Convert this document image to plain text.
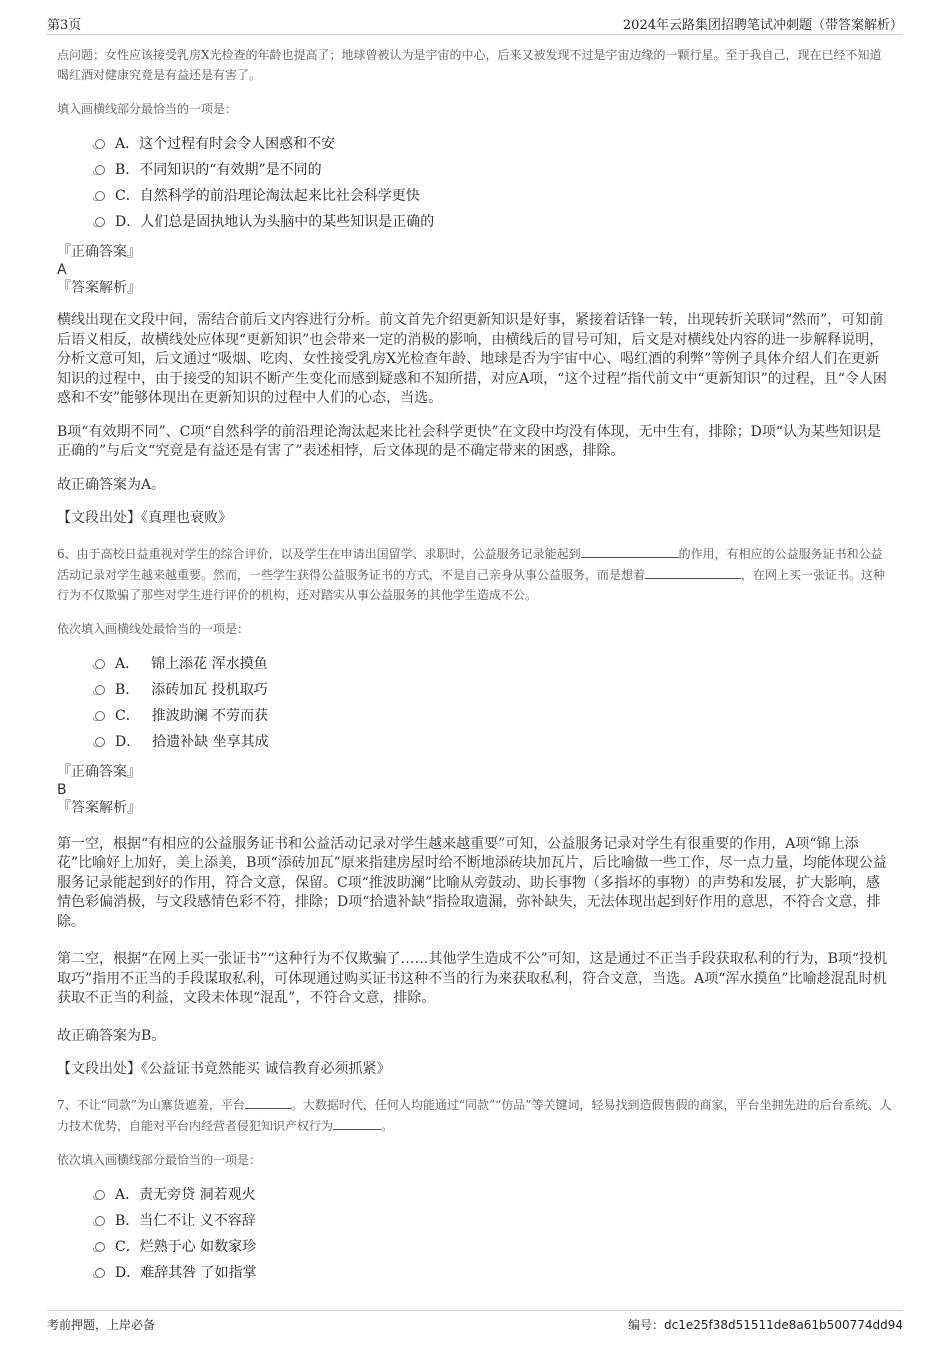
第3页	2024年云路集团招聘笔试冲刺题（带答案解析）

点问题；女性应该接受乳房X光检查的年龄也提高了；地球曾被认为是宇宙的中心，后来又被发现不过是宇宙边缘的一颗行星。至于我自己，现在已经不知道喝红酒对健康究竟是有益还是有害了。

填入画横线部分最恰当的一项是：

A．这个过程有时会令人困惑和不安
B．不同知识的“有效期”是不同的
C．自然科学的前沿理论淘汰起来比社会科学更快
D．人们总是固执地认为头脑中的某些知识是正确的

『正确答案』

A

『答案解析』

横线出现在文段中间，需结合前后文内容进行分析。前文首先介绍更新知识是好事，紧接着话锋一转，出现转折关联词“然而”，可知前后语义相反，故横线处应体现“更新知识”也会带来一定的消极的影响，由横线后的冒号可知，后文是对横线处内容的进一步解释说明，分析文意可知，后文通过“吸烟、吃肉、女性接受乳房X光检查年龄、地球是否为宇宙中心、喝红酒的利弊”等例子具体介绍人们在更新知识的过程中，由于接受的知识不断产生变化而感到疑惑和不知所措，对应A项，“这个过程”指代前文中“更新知识”的过程，且“令人困惑和不安”能够体现出在更新知识的过程中人们的心态，当选。

B项“有效期不同”、C项“自然科学的前沿理论淘汰起来比社会科学更快”在文段中均没有体现，无中生有，排除；D项“认为某些知识是正确的”与后文“究竟是有益还是有害了”表述相悖，后文体现的是不确定带来的困惑，排除。

故正确答案为A。

【文段出处】《真理也衰败》

6、由于高校日益重视对学生的综合评价，以及学生在申请出国留学、求职时，公益服务记录能起到	的作用，有相应的公益服务证书和公益活动记录对学生越来越重要。然而，一些学生获得公益服务证书的方式，不是自己亲身从事公益服务，而是想着	，在网上买一张证书。这种行为不仅欺骗了那些对学生进行评价的机构，还对踏实从事公益服务的其他学生造成不公。

依次填入画横线处最恰当的一项是：

A． 锦上添花 浑水摸鱼
B． 添砖加瓦 投机取巧
C． 推波助澜 不劳而获
D． 拾遗补缺 坐享其成

『正确答案』

B

『答案解析』

第一空，根据“有相应的公益服务证书和公益活动记录对学生越来越重要”可知，公益服务记录对学生有很重要的作用，A项“锦上添花”比喻好上加好，美上添美，B项“添砖加瓦”原来指建房屋时给不断地添砖块加瓦片，后比喻做一些工作，尽一点力量，均能体现公益服务记录能起到好的作用，符合文意，保留。C项“推波助澜”比喻从旁鼓动、助长事物（多指坏的事物）的声势和发展，扩大影响，感情色彩偏消极，与文段感情色彩不符，排除；D项“拾遗补缺”指捡取遗漏，弥补缺失，无法体现出起到好作用的意思，不符合文意，排除。

第二空，根据“在网上买一张证书”“这种行为不仅欺骗了……其他学生造成不公”可知，这是通过不正当手段获取私利的行为，B项“投机取巧”指用不正当的手段谋取私利，可体现通过购买证书这种不当的行为来获取私利，符合文意，当选。A项“浑水摸鱼”比喻趁混乱时机获取不正当的利益，文段未体现“混乱”，不符合文意，排除。

故正确答案为B。

【文段出处】《公益证书竟然能买 诚信教育必须抓紧》

7、不让“同款”为山寨货遮羞，平台	。大数据时代，任何人均能通过“同款”“仿品”等关键词，轻易找到造假售假的商家，平台坐拥先进的后台系统、人力技术优势，自能对平台内经营者侵犯知识产权行为	。

依次填入画横线部分最恰当的一项是：

A．责无旁贷 洞若观火
B．当仁不让 义不容辞
C．烂熟于心 如数家珍
D．难辞其咎 了如指掌
考前押题，上岸必备	编号：dc1e25f38d51511de8a61b500774dd94
